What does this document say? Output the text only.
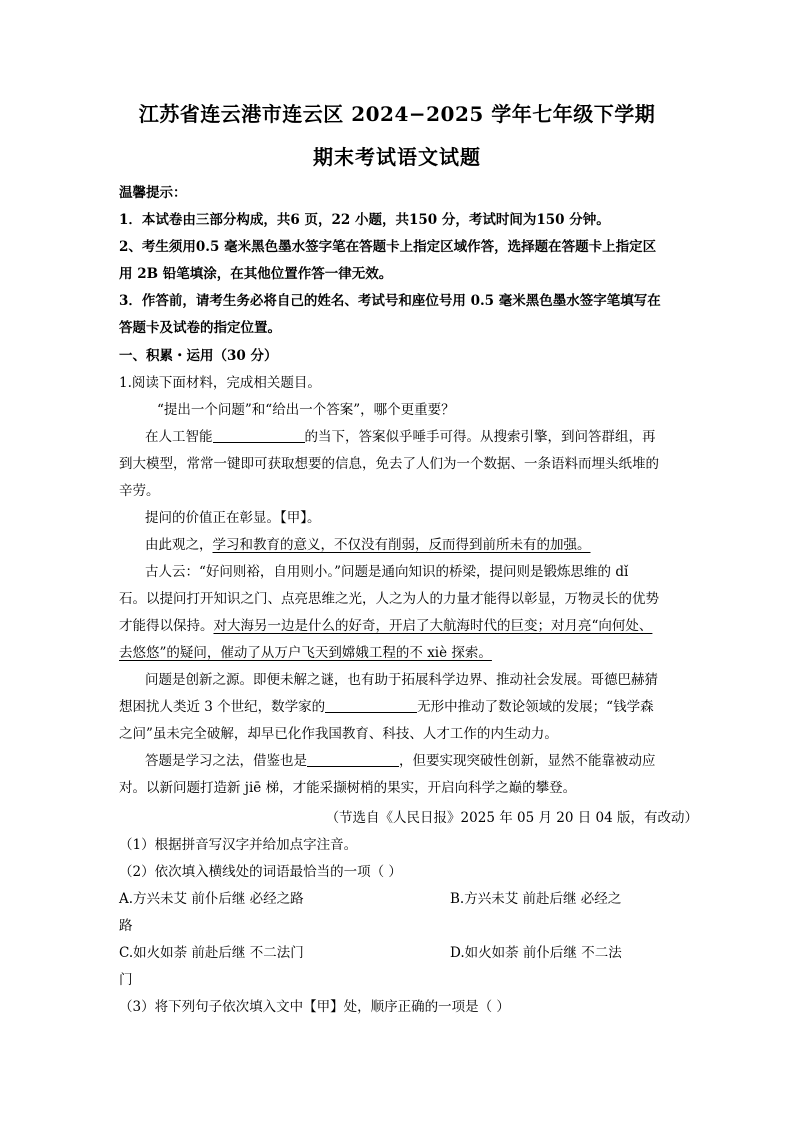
江苏省连云港市连云区 2024−2025 学年七年级下学期
期末考试语文试题
温馨提示：
1．本试卷由三部分构成，共6 页，22 小题，共150 分，考试时间为150 分钟。
2、考生须用0.5 毫米黑色墨水签字笔在答题卡上指定区域作答，选择题在答题卡上指定区
用 2B 铅笔填涂，在其他位置作答一律无效。
3．作答前，请考生务必将自己的姓名、考试号和座位号用 0.5 毫米黑色墨水签字笔填写在
答题卡及试卷的指定位置。
一、积累・运用（30 分）
1.阅读下面材料，完成相关题目。
“提出一个问题”和“给出一个答案”，哪个更重要？
在人工智能	的当下，答案似乎唾手可得。从搜索引擎，到问答群组，再
到大模型，常常一键即可获取想要的信息，免去了人们为一个数据、一条语料而埋头纸堆的
辛劳。
提问的价值正在彰显。【甲】。
由此观之，学习和教育的意义，不仅没有削弱，反而得到前所未有的加强。
古人云：“好问则裕，自用则小。”问题是通向知识的桥梁，提问则是锻炼思维的 dǐ
石。以提问打开知识之门、点亮思维之光，人之为人的力量才能得以彰显，万物灵长的优势
才能得以保持。对大海另一边是什么的好奇，开启了大航海时代的巨变；对月亮“向何处、
去悠悠”的疑问，催动了从万户飞天到嫦娥工程的不 xiè 探索。
问题是创新之源。即便未解之谜，也有助于拓展科学边界、推动社会发展。哥德巴赫猜
想困扰人类近 3 个世纪，数学家的	无形中推动了数论领域的发展；“钱学森
之问”虽未完全破解，却早已化作我国教育、科技、人才工作的内生动力。
答题是学习之法，借鉴也是	，但要实现突破性创新，显然不能靠被动应
对。以新问题打造新 jiē 梯，才能采撷树梢的果实，开启向科学之巅的攀登。
（节选自《人民日报》2025 年 05 月 20 日 04 版，有改动）
（1）根据拼音写汉字并给加点字注音。
（2）依次填入横线处的词语最恰当的一项（ ）
A.方兴未艾 前仆后继 必经之路	B.方兴未艾 前赴后继 必经之
路
C.如火如荼 前赴后继 不二法门	D.如火如荼 前仆后继 不二法
门
（3）将下列句子依次填入文中【甲】处，顺序正确的一项是（ ）
